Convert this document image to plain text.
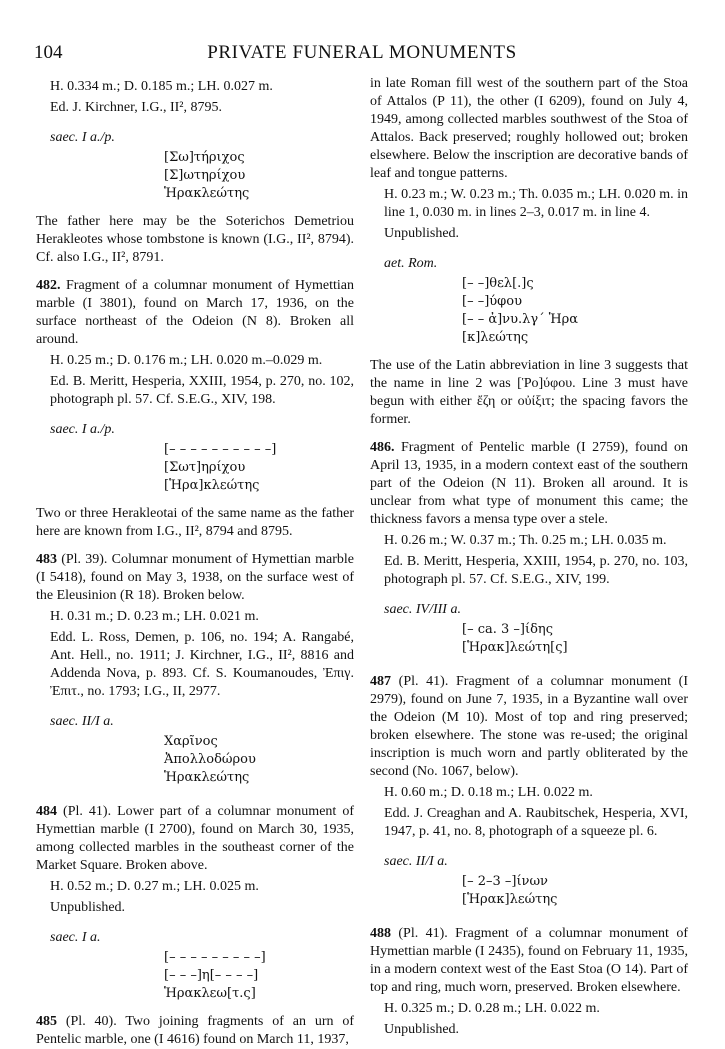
104	PRIVATE FUNERAL MONUMENTS

H. 0.334 m.; D. 0.185 m.; LH. 0.027 m.

Ed. J. Kirchner, I.G., II², 8795.

saec. I a./p.

[Σω]τήριχος
[Σ]ωτηρίχου
Ἡρακλεώτης

The father here may be the Soterichos Demetriou Herakleotes whose tombstone is known (I.G., II², 8794). Cf. also I.G., II², 8791.

482. Fragment of a columnar monument of Hymettian marble (I 3801), found on March 17, 1936, on the surface northeast of the Odeion (N 8). Broken all around.

H. 0.25 m.; D. 0.176 m.; LH. 0.020 m.–0.029 m.

Ed. B. Meritt, Hesperia, XXIII, 1954, p. 270, no. 102, photograph pl. 57. Cf. S.E.G., XIV, 198.

saec. I a./p.

[– – – – – – – – – –]
[Σωτ]ηρίχου
[Ἡρα]κλεώτης

Two or three Herakleotai of the same name as the father here are known from I.G., II², 8794 and 8795.

483 (Pl. 39). Columnar monument of Hymettian marble (I 5418), found on May 3, 1938, on the surface west of the Eleusinion (R 18). Broken below.

H. 0.31 m.; D. 0.23 m.; LH. 0.021 m.

Edd. L. Ross, Demen, p. 106, no. 194; A. Rangabé, Ant. Hell., no. 1911; J. Kirchner, I.G., II², 8816 and Addenda Nova, p. 893. Cf. S. Koumanoudes, Ἐπιγ. Ἐπιτ., no. 1793; I.G., II, 2977.

saec. II/I a.

Χαρῖνος
Ἀπολλοδώρου
Ἡρακλεώτης

484 (Pl. 41). Lower part of a columnar monument of Hymettian marble (I 2700), found on March 30, 1935, among collected marbles in the southeast corner of the Market Square. Broken above.

H. 0.52 m.; D. 0.27 m.; LH. 0.025 m.

Unpublished.

saec. I a.

[– – – – – – – – –]
[– – –]η[– – – –]
Ἡρακλεω[τ.ς]

485 (Pl. 40). Two joining fragments of an urn of Pentelic marble, one (I 4616) found on March 11, 1937,

in late Roman fill west of the southern part of the Stoa of Attalos (P 11), the other (I 6209), found on July 4, 1949, among collected marbles southwest of the Stoa of Attalos. Back preserved; roughly hollowed out; broken elsewhere. Below the inscription are decorative bands of leaf and tongue patterns.

H. 0.23 m.; W. 0.23 m.; Th. 0.035 m.; LH. 0.020 m. in line 1, 0.030 m. in lines 2–3, 0.017 m. in line 4.

Unpublished.

aet. Rom.

[– –]θελ[.]ς
[– –]ύφου
[– – ἀ]νυ.λγ΄ Ἡρα
[κ]λεώτης

The use of the Latin abbreviation in line 3 suggests that the name in line 2 was [Ῥο]ύφου. Line 3 must have begun with either ἔζη or οὐίξιτ; the spacing favors the former.

486. Fragment of Pentelic marble (I 2759), found on April 13, 1935, in a modern context east of the southern part of the Odeion (N 11). Broken all around. It is unclear from what type of monument this came; the thickness favors a mensa type over a stele.

H. 0.26 m.; W. 0.37 m.; Th. 0.25 m.; LH. 0.035 m.

Ed. B. Meritt, Hesperia, XXIII, 1954, p. 270, no. 103, photograph pl. 57. Cf. S.E.G., XIV, 199.

saec. IV/III a.

[– ca. 3 –]ίδης
[Ἡρακ]λεώτη[ς]

487 (Pl. 41). Fragment of a columnar monument (I 2979), found on June 7, 1935, in a Byzantine wall over the Odeion (M 10). Most of top and ring preserved; broken elsewhere. The stone was re-used; the original inscription is much worn and partly obliterated by the second (No. 1067, below).

H. 0.60 m.; D. 0.18 m.; LH. 0.022 m.

Edd. J. Creaghan and A. Raubitschek, Hesperia, XVI, 1947, p. 41, no. 8, photograph of a squeeze pl. 6.

saec. II/I a.

[– 2–3 –]ίνων
[Ἡρακ]λεώτης

488 (Pl. 41). Fragment of a columnar monument of Hymettian marble (I 2435), found on February 11, 1935, in a modern context west of the East Stoa (O 14). Part of top and ring, much worn, preserved. Broken elsewhere.

H. 0.325 m.; D. 0.28 m.; LH. 0.022 m.

Unpublished.
